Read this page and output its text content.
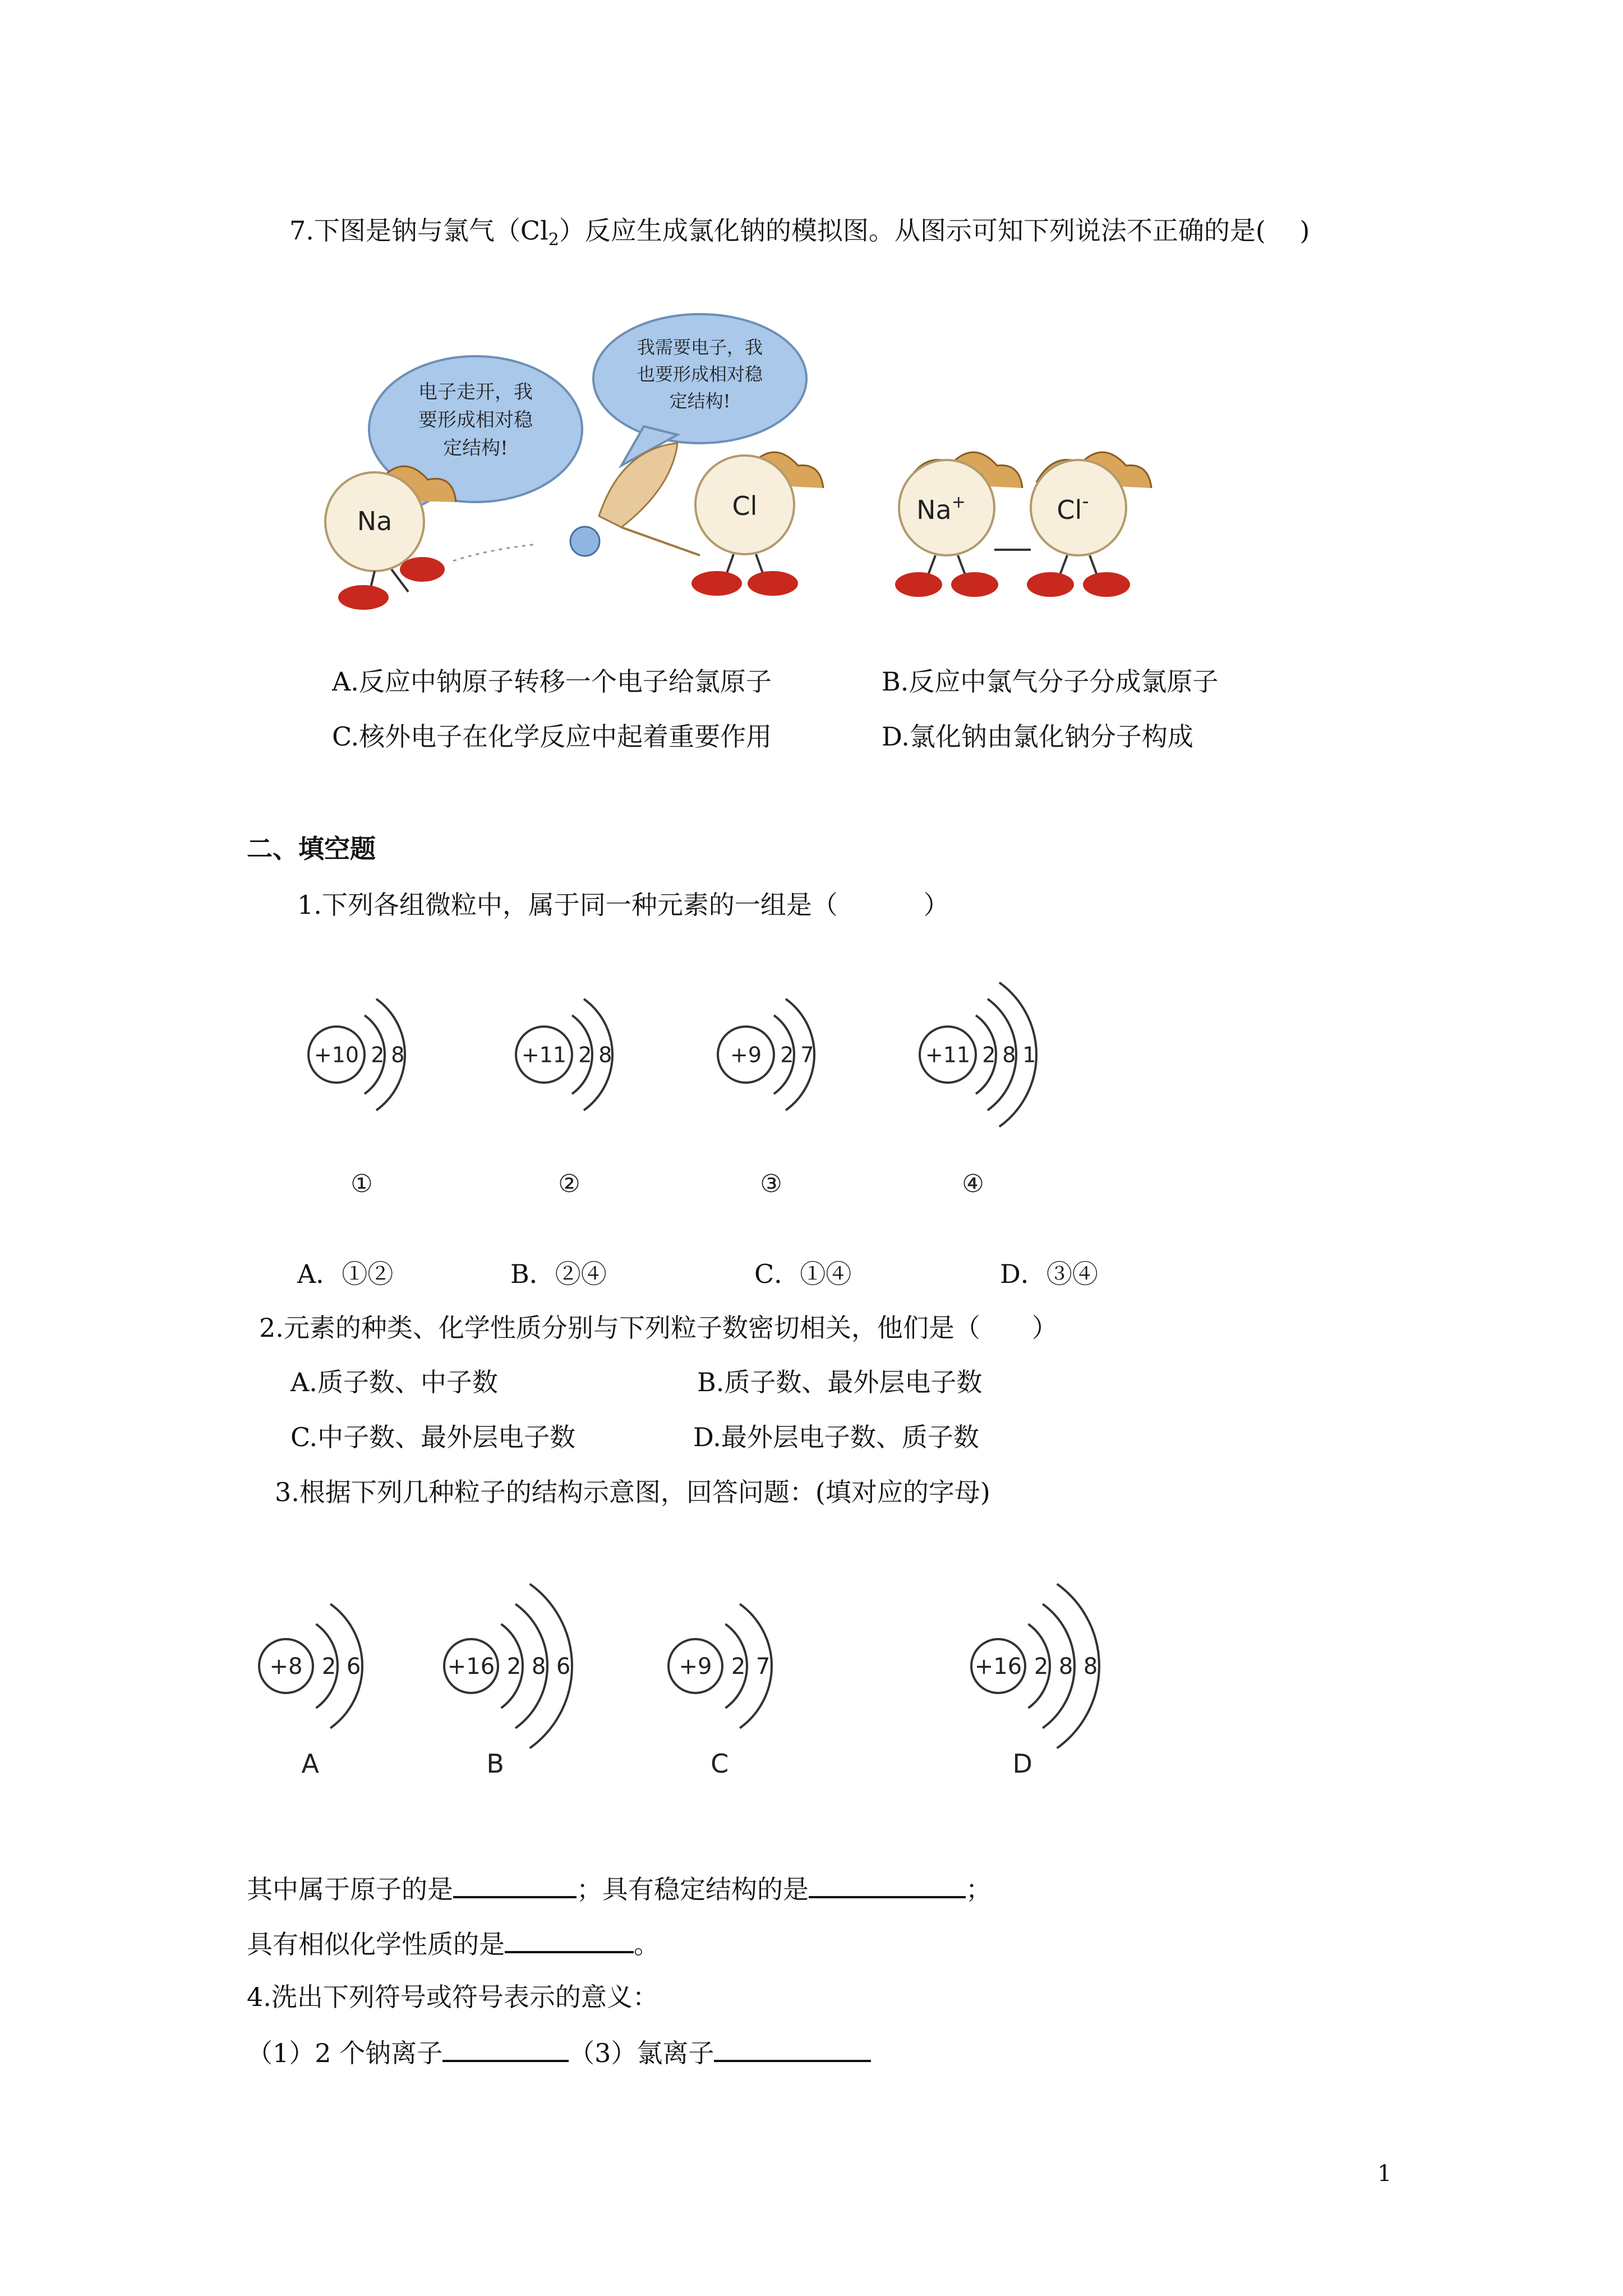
7.下图是钠与氯气$(Cl_2)$反应生成氯化钠的模拟图。从图示可知下列说法不正确的是(　 )
电子走开，我
要形成相对稳
定结构!
我需要电子，我
也要形成相对稳
定结构!
Na	Cl	Na+	Cl-
A.反应中钠原子转移一个电子给氯原子	B.反应中氯气分子分成氯原子
C.核外电子在化学反应中起着重要作用	D.氯化钠由氯化钠分子构成
二、填空题
1.下列各组微粒中，属于同一种元素的一组是（　　　 ）
+10 2 8
①
+11 2 8
②
+9 2 7
③
+11 2 8 1
④
A．①②	B．②④	C．①④	D．③④
2.元素的种类、化学性质分别与下列粒子数密切相关，他们是（　　）
A.质子数、中子数	B.质子数、最外层电子数
C.中子数、最外层电子数	D.最外层电子数、质子数
3.根据下列几种粒子的结构示意图，回答问题：(填对应的字母)
+8 2 6
A
+16 2 8 6
B
+9 2 7
C
+16 2 8 8
D
其中属于原子的是	；具有稳定结构的是	；
具有相似化学性质的是	。
4.洗出下列符号或符号表示的意义：
（1）2 个钠离子	（3）氯离子
1
